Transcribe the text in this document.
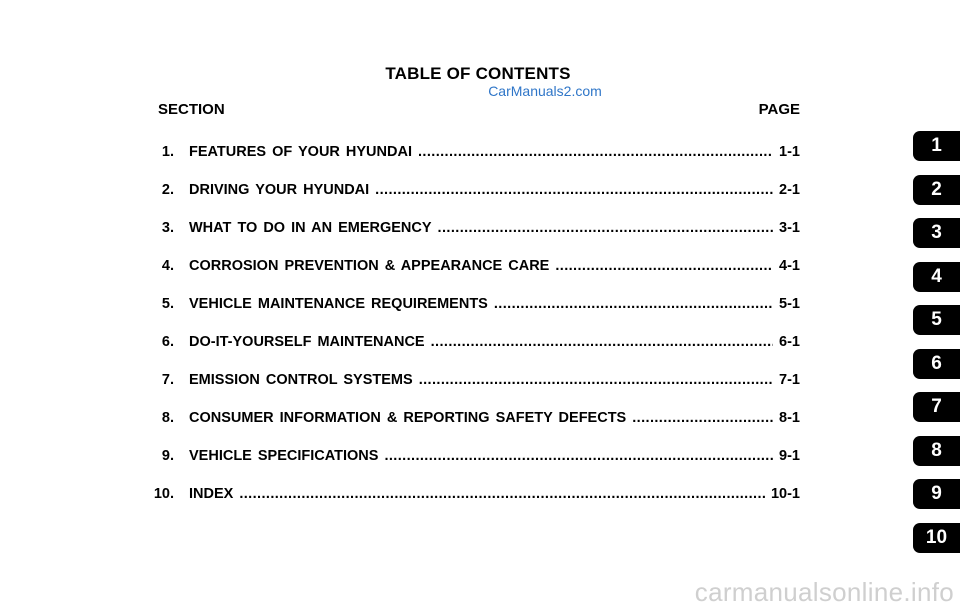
TABLE OF CONTENTS
CarManuals2.com
SECTION	PAGE
1. FEATURES OF YOUR HYUNDAI .....	1-1
2. DRIVING YOUR HYUNDAI .....	2-1
3. WHAT TO DO IN AN EMERGENCY .....	3-1
4. CORROSION PREVENTION & APPEARANCE CARE .....	4-1
5. VEHICLE MAINTENANCE REQUIREMENTS .....	5-1
6. DO-IT-YOURSELF MAINTENANCE .....	6-1
7. EMISSION CONTROL SYSTEMS .....	7-1
8. CONSUMER INFORMATION & REPORTING SAFETY DEFECTS .....	8-1
9. VEHICLE SPECIFICATIONS .....	9-1
10. INDEX .....	10-1
1
2
3
4
5
6
7
8
9
10
carmanualsonline.info
